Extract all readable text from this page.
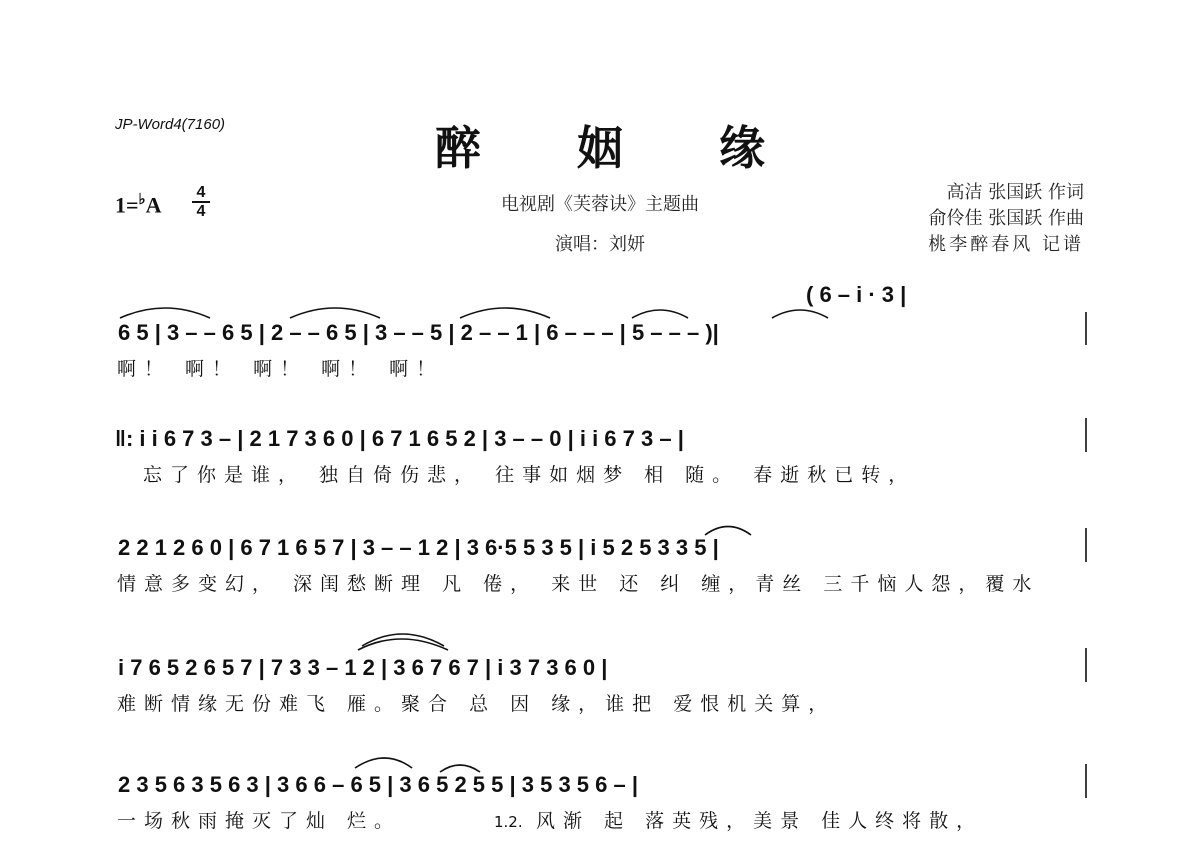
JP-Word4(7160)	醉 姻 缘
1=♭A 4
4	电视剧《芙蓉诀》主题曲
演唱：刘妍
高洁 张国跃 作词
俞伶佳 张国跃 作曲
桃李醉春风 记谱
( 6 – i · 3 |
6 5 | 3 – – 6 5 | 2 – – 6 5 | 3 – – 5 | 2 – – 1 | 6 – – – | 5 – – – )|
啊！ 啊！ 啊！ 啊！ 啊！
‖: i i 6 7 3 – | 2 1 7 3 6 0 | 6 7 1 6 5 2 | 3 – – 0 | i i 6 7 3 – |
忘了你是谁， 独自倚伤悲， 往事如烟梦 相 随。 春逝秋已转，
2 2 1 2 6 0 | 6 7 1 6 5 7 | 3 – – 1 2 | 3 6·5 5 3 5 | i 5 2 5 3 3 5 |
情意多变幻， 深闺愁断理 凡 倦， 来世 还 纠 缠，青丝 三千恼人怨，覆水
i 7 6 5 2 6 5 7 | 7 3 3 – 1 2 | 3 6 7 6 7 | i 3 7 3 6 0 |
难断情缘无份难飞 雁。聚合 总 因 缘，谁把 爱恨机关算，
2 3 5 6 3 5 6 3 | 3 6 6 – 6 5 | 3 6 5 2 5 5 | 3 5 3 5 6 – |
一场秋雨掩灭了灿 烂。	1.2. 风渐 起 落英残，美景 佳人终将散，
